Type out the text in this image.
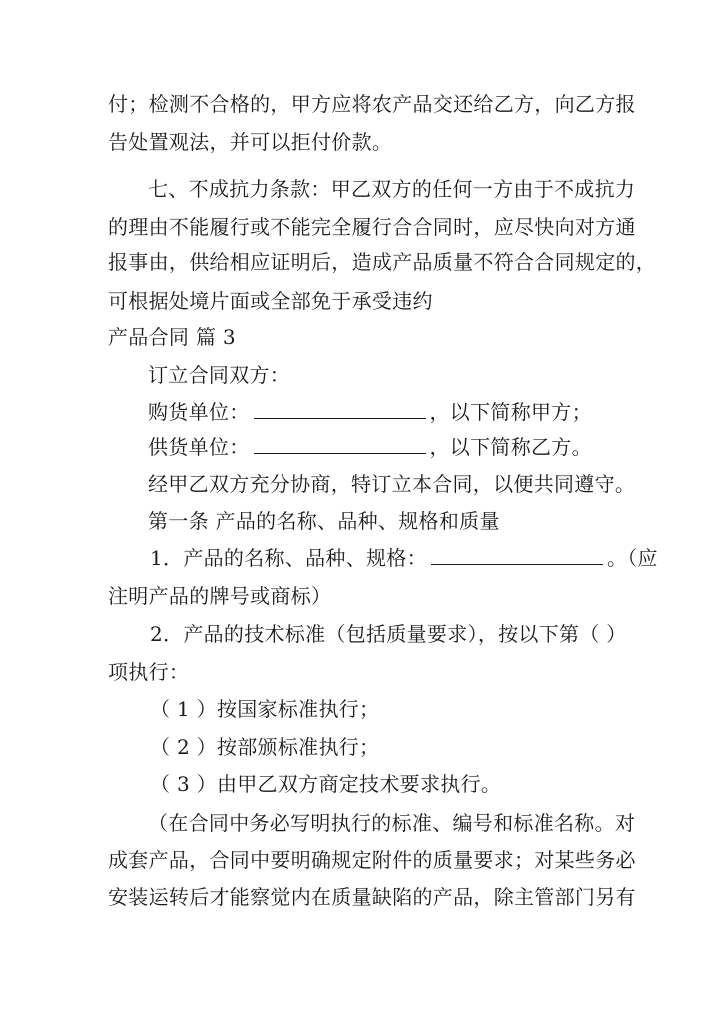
付；检测不合格的，甲方应将农产品交还给乙方，向乙方报
告处置观法，并可以拒付价款。
七、不成抗力条款：甲乙双方的任何一方由于不成抗力
的理由不能履行或不能完全履行合合同时，应尽快向对方通
报事由，供给相应证明后，造成产品质量不符合合同规定的，
可根据处境片面或全部免于承受违约
产品合同 篇 3
订立合同双方：
购货单位：	，以下简称甲方；
供货单位：	，以下简称乙方。
经甲乙双方充分协商，特订立本合同，以便共同遵守。
第一条 产品的名称、品种、规格和质量
1．产品的名称、品种、规格：	。（应
注明产品的牌号或商标）
2．产品的技术标准（包括质量要求），按以下第（ ）
项执行：
（ 1 ）按国家标准执行；
（ 2 ）按部颁标准执行；
（ 3 ）由甲乙双方商定技术要求执行。
（在合同中务必写明执行的标准、编号和标准名称。对
成套产品，合同中要明确规定附件的质量要求；对某些务必
安装运转后才能察觉内在质量缺陷的产品，除主管部门另有
